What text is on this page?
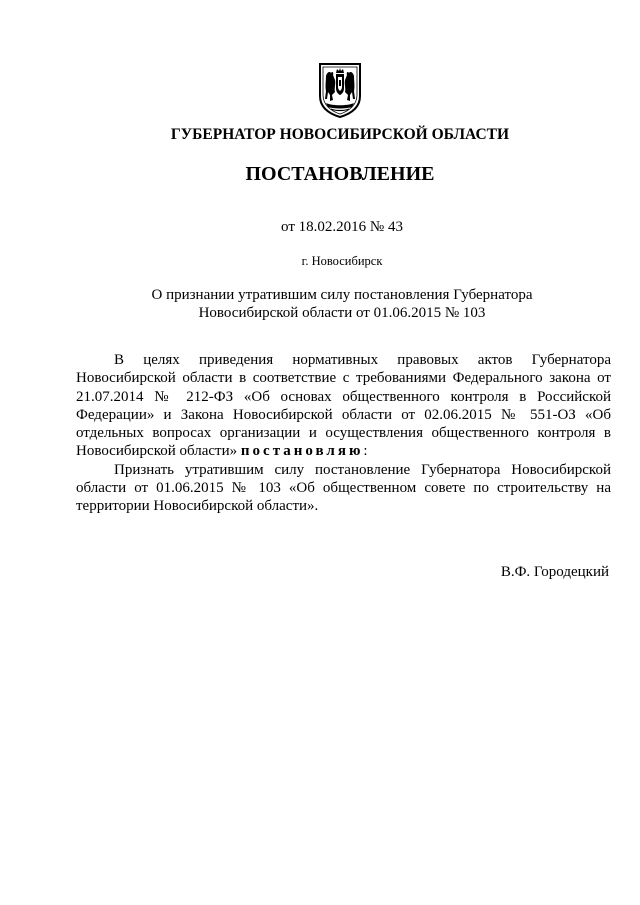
ГУБЕРНАТОР НОВОСИБИРСКОЙ ОБЛАСТИ
ПОСТАНОВЛЕНИЕ
от 18.02.2016 № 43
г. Новосибирск
О признании утратившим силу постановления Губернатора
Новосибирской области от 01.06.2015 № 103

В целях приведения нормативных правовых актов Губернатора Новосибирской области в соответствие с требованиями Федерального закона от 21.07.2014 № 212-ФЗ «Об основах общественного контроля в Российской Федерации» и Закона Новосибирской области от 02.06.2015 № 551-ОЗ «Об отдельных вопросах организации и осуществления общественного контроля в Новосибирской области» постановляю:

Признать утратившим силу постановление Губернатора Новосибирской области от 01.06.2015 № 103 «Об общественном совете по строительству на территории Новосибирской области».

В.Ф. Городецкий
